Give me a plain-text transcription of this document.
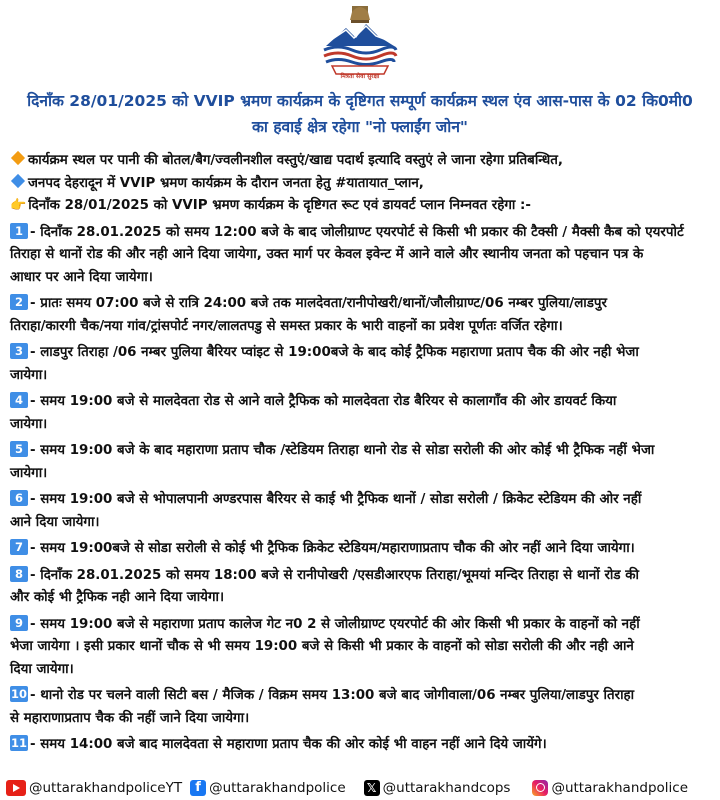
मित्रता सेवा सुरक्षा
दिनाँक 28/01/2025 को VVIP भ्रमण कार्यक्रम के दृष्टिगत सम्पूर्ण कार्यक्रम स्थल एंव आस-पास के 02 कि0मी0
का हवाई क्षेत्र रहेगा "नो फ्लाईंग जोन"

कार्यक्रम स्थल पर पानी की बोतल/बैग/ज्वलीनशील वस्तुएं/खाद्य पदार्थ इत्यादि वस्तुएं ले जाना रहेगा प्रतिबन्धित,

जनपद देहरादून में VVIP भ्रमण कार्यक्रम के दौरान जनता हेतु #यातायात_प्लान,

👉 दिनाँक 28/01/2025 को VVIP भ्रमण कार्यक्रम के दृष्टिगत रूट एवं डायवर्ट प्लान निम्नवत रहेगा :-

1 - दिनाँक 28.01.2025 को समय 12:00 बजे के बाद जोलीग्राण्ट एयरपोर्ट से किसी भी प्रकार की टैक्सी / मैक्सी कैब को एयरपोर्ट
तिराहा से थानों रोड की और नही आने दिया जायेगा, उक्त मार्ग पर केवल इवेन्ट में आने वाले और स्थानीय जनता को पहचान पत्र के
आधार पर आने दिया जायेगा।
2 - प्रातः समय 07:00 बजे से रात्रि 24:00 बजे तक मालदेवता/रानीपोखरी/थानों/जौलीग्राण्ट/06 नम्बर पुलिया/लाडपुर
तिराहा/कारगी चैक/नया गांव/ट्रांसपोर्ट नगर/लालतपडु से समस्त प्रकार के भारी वाहनों का प्रवेश पूर्णतः वर्जित रहेगा।
3 - लाडपुर तिराहा /06 नम्बर पुलिया बैरियर प्वांइट से 19:00बजे के बाद कोई ट्रैफिक महाराणा प्रताप चैक की ओर नही भेजा
जायेगा।
4 - समय 19:00 बजे से मालदेवता रोड से आने वाले ट्रैफिक को मालदेवता रोड बैरियर से कालागाँव की ओर डायवर्ट किया
जायेगा।
5 - समय 19:00 बजे के बाद महाराणा प्रताप चौक /स्टेडियम तिराहा थानो रोड से सोडा सरोली की ओर कोई भी ट्रैफिक नहीं भेजा
जायेगा।
6 - समय 19:00 बजे से भोपालपानी अण्डरपास बैरियर से काई भी ट्रैफिक थानों / सोडा सरोली / क्रिकेट स्टेडियम की ओर नहीं
आने दिया जायेगा।
7 - समय 19:00बजे से सोडा सरोली से कोई भी ट्रैफिक क्रिकेट स्टेडियम/महाराणाप्रताप चौक की ओर नहीं आने दिया जायेगा।
8 - दिनाँक 28.01.2025 को समय 18:00 बजे से रानीपोखरी /एसडीआरएफ तिराहा/भूमयां मन्दिर तिराहा से थानों रोड की
और कोई भी ट्रैफिक नही आने दिया जायेगा।
9 - समय 19:00 बजे से महाराणा प्रताप कालेज गेट न0 2 से जोलीग्राण्ट एयरपोर्ट की ओर किसी भी प्रकार के वाहनों को नहीं
भेजा जायेगा । इसी प्रकार थानों चौक से भी समय 19:00 बजे से किसी भी प्रकार के वाहनों को सोडा सरोली की और नही आने
दिया जायेगा।
10 - थानो रोड पर चलने वाली सिटी बस / मैजिक / विक्रम समय 13:00 बजे बाद जोगीवाला/06 नम्बर पुलिया/लाडपुर तिराहा
से महाराणाप्रताप चैक की नहीं जाने दिया जायेगा।
11 - समय 14:00 बजे बाद मालदेवता से महाराणा प्रताप चैक की ओर कोई भी वाहन नहीं आने दिये जायेंगे।
@uttarakhandpoliceYT f @uttarakhandpolice 𝕏 @uttarakhandcops	@uttarakhandpolice
